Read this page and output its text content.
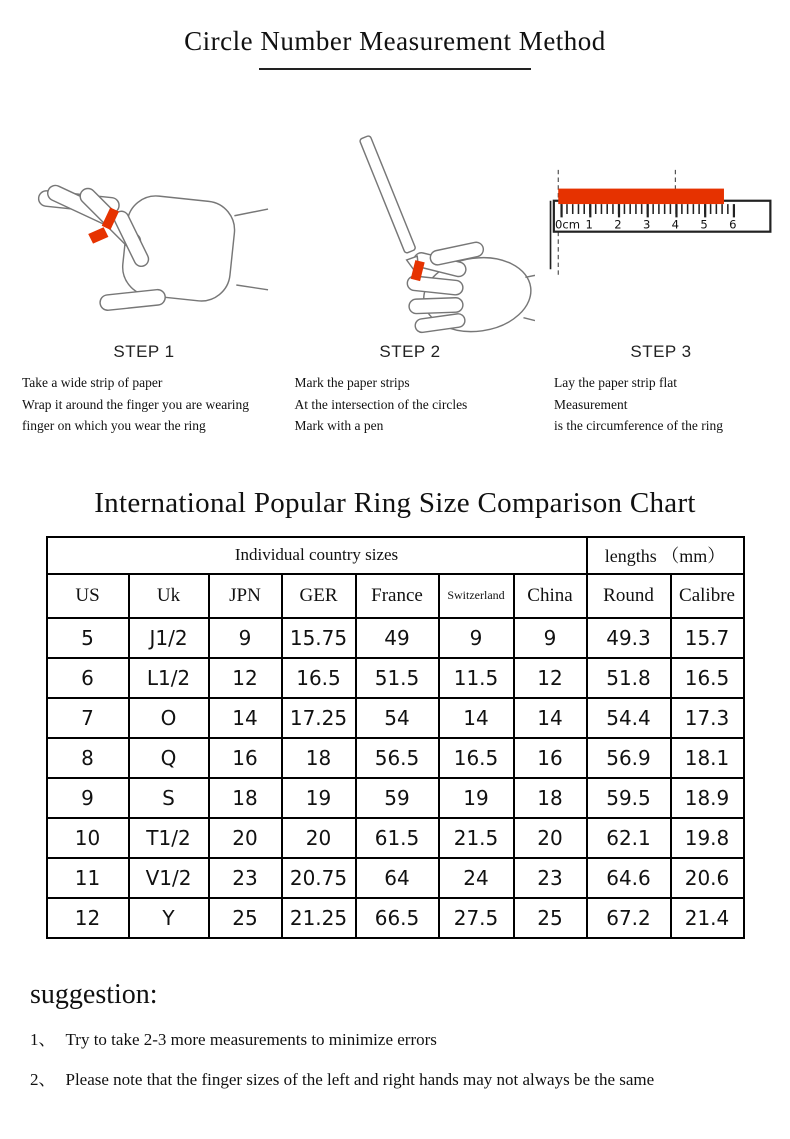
Circle Number Measurement Method
STEP 1
Take a wide strip of paper
Wrap it around the finger you are wearing
finger on which you wear the ring
STEP 2
Mark the paper strips
At the intersection of the circles
Mark with a pen
0cm 1 2 3 4 5 6
STEP 3
Lay the paper strip flat
Measurement
is the circumference of the ring
International Popular Ring Size Comparison Chart
Individual country sizes							lengths （mm）	
US	Uk	JPN	GER	France	Switzerland	China	Round	Calibre
5	J1/2	9	15.75	49	9	9	49.3	15.7
6	L1/2	12	16.5	51.5	11.5	12	51.8	16.5
7	O	14	17.25	54	14	14	54.4	17.3
8	Q	16	18	56.5	16.5	16	56.9	18.1
9	S	18	19	59	19	18	59.5	18.9
10	T1/2	20	20	61.5	21.5	20	62.1	19.8
11	V1/2	23	20.75	64	24	23	64.6	20.6
12	Y	25	21.25	66.5	27.5	25	67.2	21.4
suggestion:
1、 Try to take 2-3 more measurements to minimize errors
2、 Please note that the finger sizes of the left and right hands may not always be the same
